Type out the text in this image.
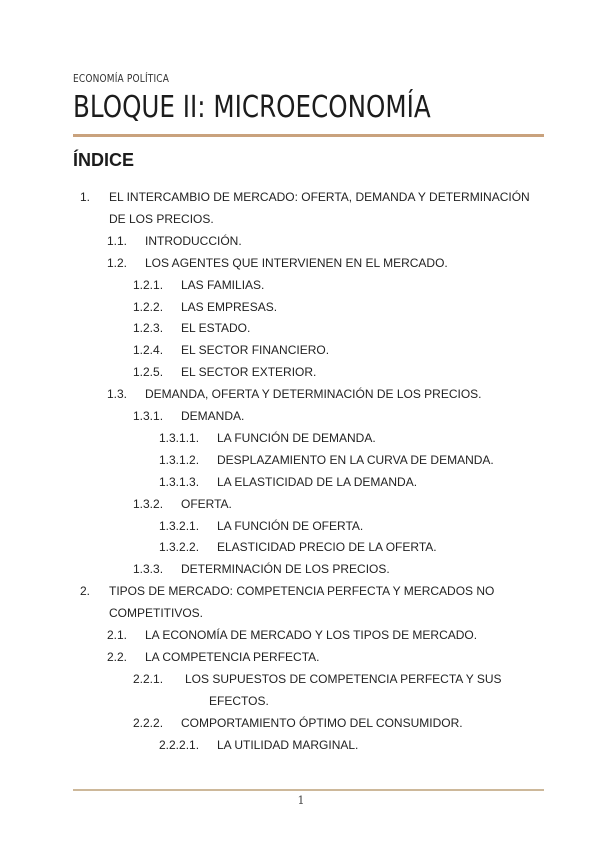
ECONOMÍA POLÍTICA
BLOQUE II: MICROECONOMÍA
ÍNDICE
1. EL INTERCAMBIO DE MERCADO: OFERTA, DEMANDA Y DETERMINACIÓN
DE LOS PRECIOS.
1.1. INTRODUCCIÓN.
1.2. LOS AGENTES QUE INTERVIENEN EN EL MERCADO.
1.2.1. LAS FAMILIAS.
1.2.2. LAS EMPRESAS.
1.2.3. EL ESTADO.
1.2.4. EL SECTOR FINANCIERO.
1.2.5. EL SECTOR EXTERIOR.
1.3. DEMANDA, OFERTA Y DETERMINACIÓN DE LOS PRECIOS.
1.3.1. DEMANDA.
1.3.1.1. LA FUNCIÓN DE DEMANDA.
1.3.1.2. DESPLAZAMIENTO EN LA CURVA DE DEMANDA.
1.3.1.3. LA ELASTICIDAD DE LA DEMANDA.
1.3.2. OFERTA.
1.3.2.1. LA FUNCIÓN DE OFERTA.
1.3.2.2. ELASTICIDAD PRECIO DE LA OFERTA.
1.3.3. DETERMINACIÓN DE LOS PRECIOS.
2. TIPOS DE MERCADO: COMPETENCIA PERFECTA Y MERCADOS NO
COMPETITIVOS.
2.1. LA ECONOMÍA DE MERCADO Y LOS TIPOS DE MERCADO.
2.2. LA COMPETENCIA PERFECTA.
2.2.1. LOS SUPUESTOS DE COMPETENCIA PERFECTA Y SUS
EFECTOS.
2.2.2. COMPORTAMIENTO ÓPTIMO DEL CONSUMIDOR.
2.2.2.1. LA UTILIDAD MARGINAL.
1
